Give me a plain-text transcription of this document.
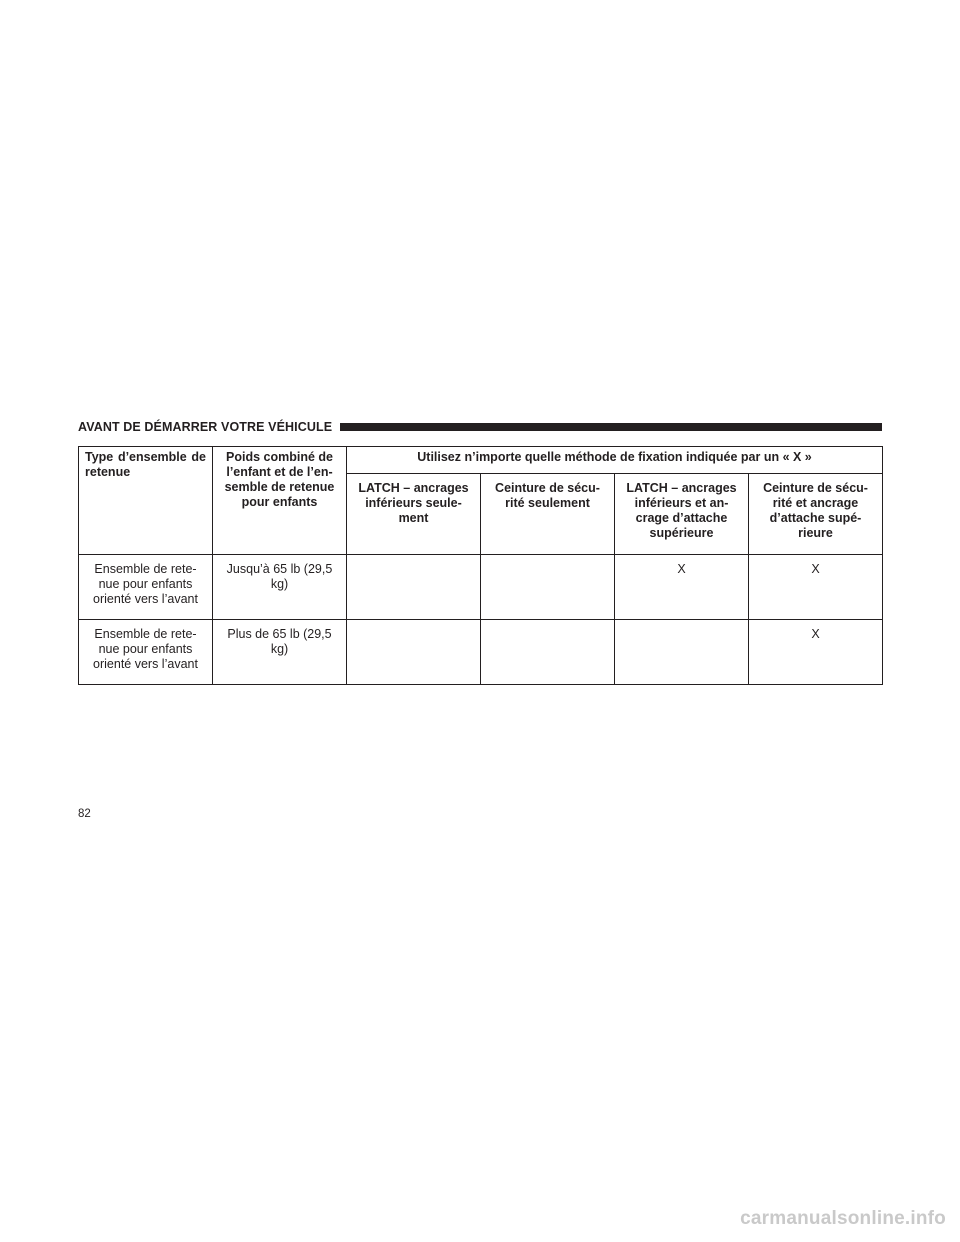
AVANT DE DÉMARRER VOTRE VÉHICULE
Type d’ensemble de retenue	Poids combiné de l’enfant et de l’en-semble de retenue pour enfants	Utilisez n’importe quelle méthode de fixation indiquée par un « X »			
		LATCH – ancrages inférieurs seule-ment	Ceinture de sécu-rité seulement	LATCH – ancrages inférieurs et an-crage d’attache supérieure	Ceinture de sécu-rité et ancrage d’attache supé-rieure
Ensemble de rete-nue pour enfants orienté vers l’avant	Jusqu’à 65 lb (29,5 kg)			X	X
Ensemble de rete-nue pour enfants orienté vers l’avant	Plus de 65 lb (29,5 kg)				X
82
carmanualsonline.info
